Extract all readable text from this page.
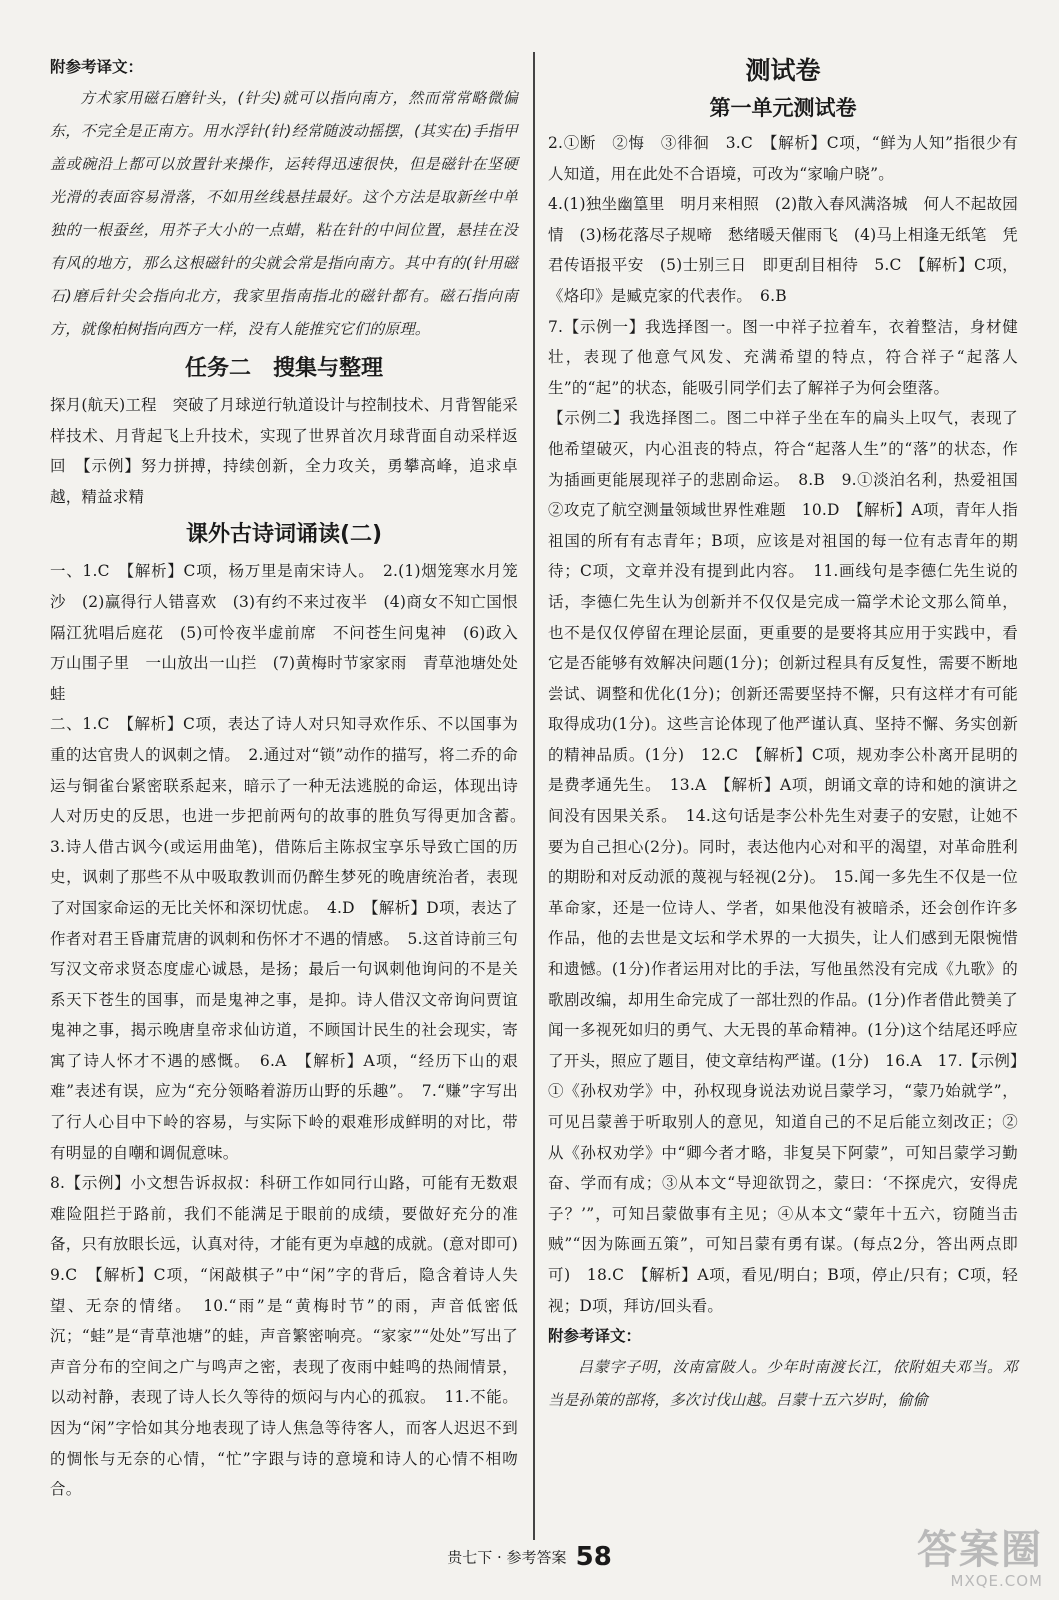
附参考译文：

方术家用磁石磨针头，(针尖)就可以指向南方，然而常常略微偏东，不完全是正南方。用水浮针(针)经常随波动摇摆，(其实在)手指甲盖或碗沿上都可以放置针来操作，运转得迅速很快，但是磁针在坚硬光滑的表面容易滑落，不如用丝线悬挂最好。这个方法是取新丝中单独的一根蚕丝，用芥子大小的一点蜡，粘在针的中间位置，悬挂在没有风的地方，那么这根磁针的尖就会常是指向南方。其中有的(针用磁石)磨后针尖会指向北方，我家里指南指北的磁针都有。磁石指向南方，就像柏树指向西方一样，没有人能推究它们的原理。

任务二　搜集与整理

探月(航天)工程　突破了月球逆行轨道设计与控制技术、月背智能采样技术、月背起飞上升技术，实现了世界首次月球背面自动采样返回　【示例】努力拼搏，持续创新，全力攻关，勇攀高峰，追求卓越，精益求精

课外古诗词诵读(二)

一、1.C　【解析】C项，杨万里是南宋诗人。　2.(1)烟笼寒水月笼沙　(2)赢得行人错喜欢　(3)有约不来过夜半　(4)商女不知亡国恨　隔江犹唱后庭花　(5)可怜夜半虚前席　不问苍生问鬼神　(6)政入万山围子里　一山放出一山拦　(7)黄梅时节家家雨　青草池塘处处蛙

二、1.C　【解析】C项，表达了诗人对只知寻欢作乐、不以国事为重的达官贵人的讽刺之情。　2.通过对“锁”动作的描写，将二乔的命运与铜雀台紧密联系起来，暗示了一种无法逃脱的命运，体现出诗人对历史的反思，也进一步把前两句的故事的胜负写得更加含蓄。　3.诗人借古讽今(或运用曲笔)，借陈后主陈叔宝享乐导致亡国的历史，讽刺了那些不从中吸取教训而仍醉生梦死的晚唐统治者，表现了对国家命运的无比关怀和深切忧虑。　4.D　【解析】D项，表达了作者对君王昏庸荒唐的讽刺和伤怀才不遇的情感。　5.这首诗前三句写汉文帝求贤态度虚心诚恳，是扬；最后一句讽刺他询问的不是关系天下苍生的国事，而是鬼神之事，是抑。诗人借汉文帝询问贾谊鬼神之事，揭示晚唐皇帝求仙访道，不顾国计民生的社会现实，寄寓了诗人怀才不遇的感慨。　6.A　【解析】A项，“经历下山的艰难”表述有误，应为“充分领略着游历山野的乐趣”。　7.“赚”字写出了行人心目中下岭的容易，与实际下岭的艰难形成鲜明的对比，带有明显的自嘲和调侃意味。

8.【示例】小文想告诉叔叔：科研工作如同行山路，可能有无数艰难险阻拦于路前，我们不能满足于眼前的成绩，要做好充分的准备，只有放眼长远，认真对待，才能有更为卓越的成就。(意对即可)　9.C　【解析】C项，“闲敲棋子”中“闲”字的背后，隐含着诗人失望、无奈的情绪。　10.“雨”是“黄梅时节”的雨，声音低密低沉；“蛙”是“青草池塘”的蛙，声音繁密响亮。“家家”“处处”写出了声音分布的空间之广与鸣声之密，表现了夜雨中蛙鸣的热闹情景，以动衬静，表现了诗人长久等待的烦闷与内心的孤寂。　11.不能。因为“闲”字恰如其分地表现了诗人焦急等待客人，而客人迟迟不到的惆怅与无奈的心情，“忙”字跟与诗的意境和诗人的心情不相吻合。

测试卷
第一单元测试卷

2.①断　②悔　③徘徊　3.C　【解析】C项，“鲜为人知”指很少有人知道，用在此处不合语境，可改为“家喻户晓”。

4.(1)独坐幽篁里　明月来相照　(2)散入春风满洛城　何人不起故园情　(3)杨花落尽子规啼　愁绪暖天催雨飞　(4)马上相逢无纸笔　凭君传语报平安　(5)士别三日　即更刮目相待　5.C　【解析】C项，《烙印》是臧克家的代表作。　6.B

7.【示例一】我选择图一。图一中祥子拉着车，衣着整洁，身材健壮，表现了他意气风发、充满希望的特点，符合祥子“起落人生”的“起”的状态，能吸引同学们去了解祥子为何会堕落。

【示例二】我选择图二。图二中祥子坐在车的扁头上叹气，表现了他希望破灭，内心沮丧的特点，符合“起落人生”的“落”的状态，作为插画更能展现祥子的悲剧命运。　8.B　9.①淡泊名利，热爱祖国　②攻克了航空测量领域世界性难题　10.D　【解析】A项，青年人指祖国的所有有志青年；B项，应该是对祖国的每一位有志青年的期待；C项，文章并没有提到此内容。　11.画线句是李德仁先生说的话，李德仁先生认为创新并不仅仅是完成一篇学术论文那么简单，也不是仅仅停留在理论层面，更重要的是要将其应用于实践中，看它是否能够有效解决问题(1分)；创新过程具有反复性，需要不断地尝试、调整和优化(1分)；创新还需要坚持不懈，只有这样才有可能取得成功(1分)。这些言论体现了他严谨认真、坚持不懈、务实创新的精神品质。(1分)　12.C　【解析】C项，规劝李公朴离开昆明的是费孝通先生。　13.A　【解析】A项，朗诵文章的诗和她的演讲之间没有因果关系。　14.这句话是李公朴先生对妻子的安慰，让她不要为自己担心(2分)。同时，表达他内心对和平的渴望，对革命胜利的期盼和对反动派的蔑视与轻视(2分)。　15.闻一多先生不仅是一位革命家，还是一位诗人、学者，如果他没有被暗杀，还会创作许多作品，他的去世是文坛和学术界的一大损失，让人们感到无限惋惜和遗憾。(1分)作者运用对比的手法，写他虽然没有完成《九歌》的歌剧改编，却用生命完成了一部壮烈的作品。(1分)作者借此赞美了闻一多视死如归的勇气、大无畏的革命精神。(1分)这个结尾还呼应了开头，照应了题目，使文章结构严谨。(1分)　16.A　17.【示例】①《孙权劝学》中，孙权现身说法劝说吕蒙学习，“蒙乃始就学”，可见吕蒙善于听取别人的意见，知道自己的不足后能立刻改正；②从《孙权劝学》中“卿今者才略，非复吴下阿蒙”，可知吕蒙学习勤奋、学而有成；③从本文“导迎欲罚之，蒙曰：‘不探虎穴，安得虎子？’”，可知吕蒙做事有主见；④从本文“蒙年十五六，窃随当击贼”“因为陈画五策”，可知吕蒙有勇有谋。(每点2分，答出两点即可)　18.C　【解析】A项，看见/明白；B项，停止/只有；C项，轻视；D项，拜访/回头看。

附参考译文：

吕蒙字子明，汝南富陂人。少年时南渡长江，依附姐夫邓当。邓当是孙策的部将，多次讨伐山越。吕蒙十五六岁时，偷偷

贵七下 · 参考答案 58	答案圈
MXQE.COM
